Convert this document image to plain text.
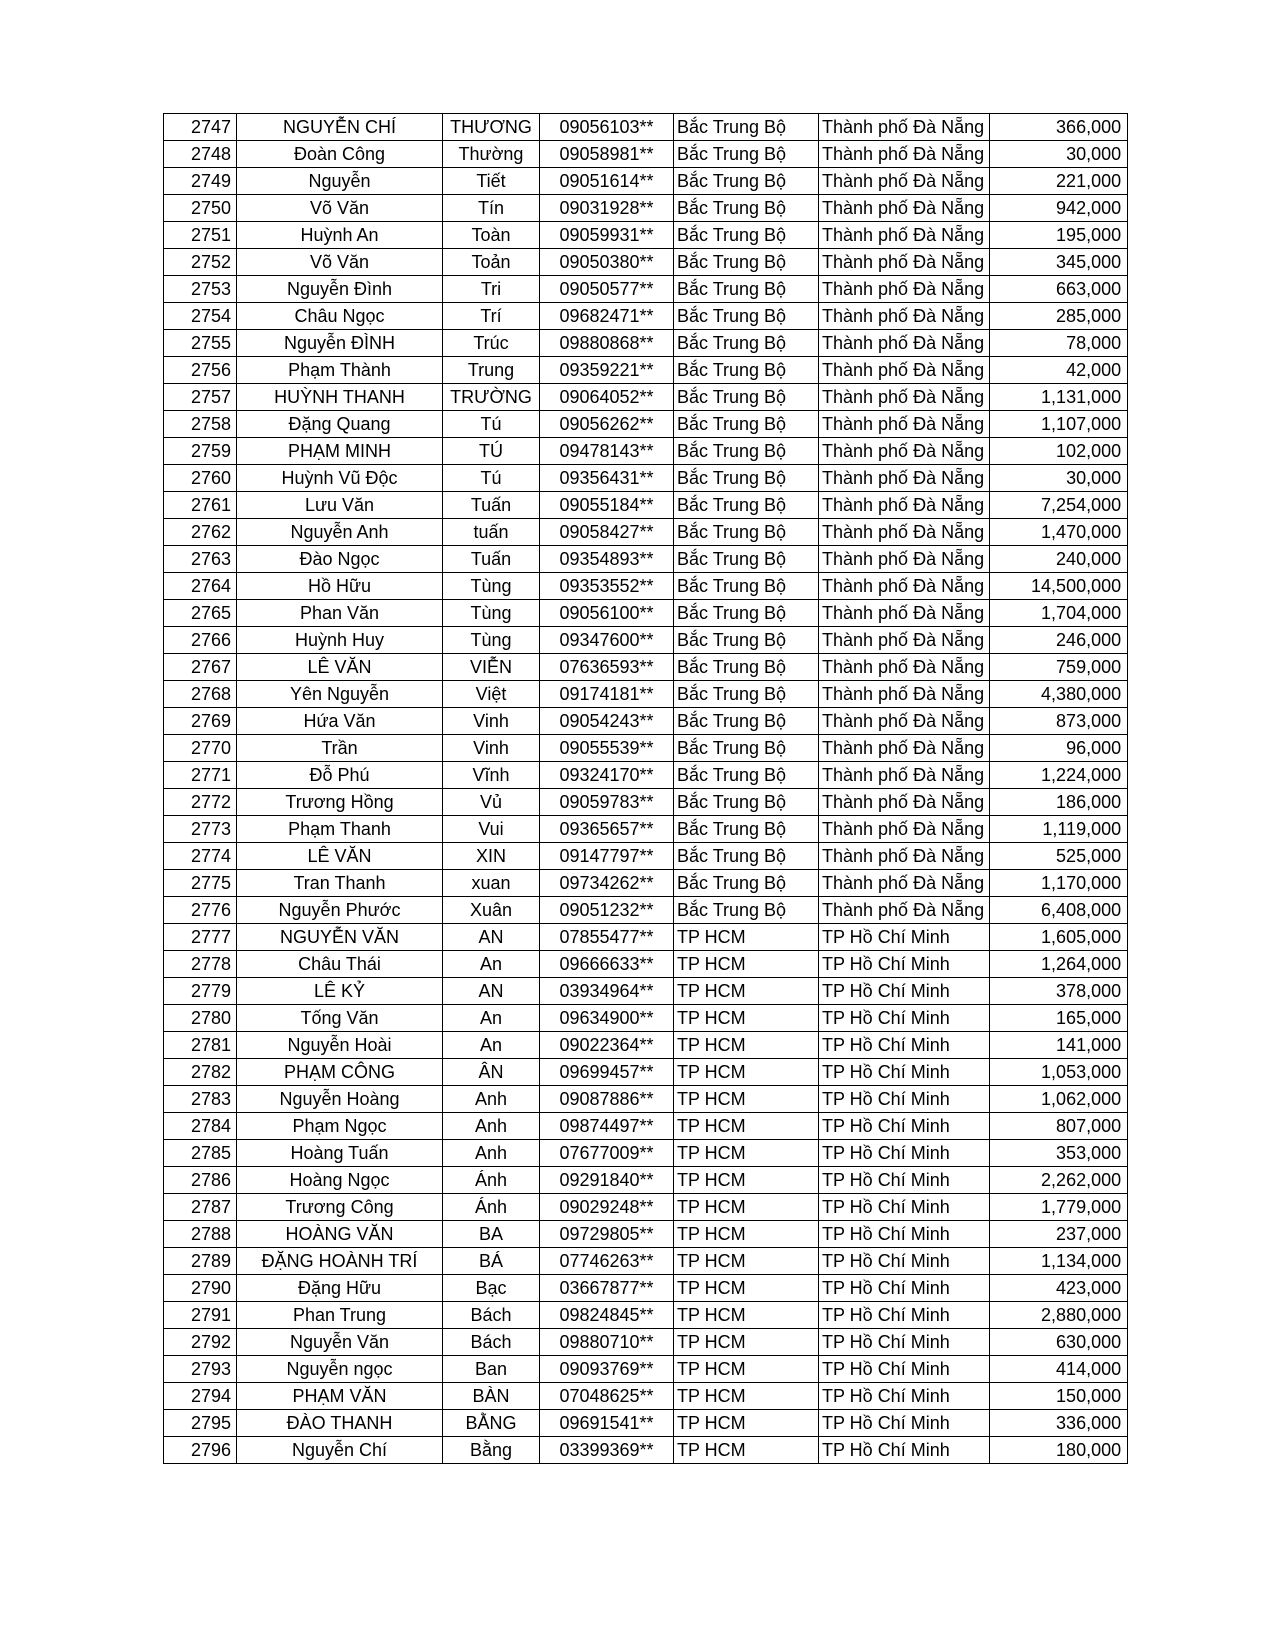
2747	NGUYỄN CHÍ	THƯƠNG	09056103**	Bắc Trung Bộ	Thành phố Đà Nẵng	366,000
2748	Đoàn Công	Thường	09058981**	Bắc Trung Bộ	Thành phố Đà Nẵng	30,000
2749	Nguyễn	Tiết	09051614**	Bắc Trung Bộ	Thành phố Đà Nẵng	221,000
2750	Võ Văn	Tín	09031928**	Bắc Trung Bộ	Thành phố Đà Nẵng	942,000
2751	Huỳnh An	Toàn	09059931**	Bắc Trung Bộ	Thành phố Đà Nẵng	195,000
2752	Võ Văn	Toản	09050380**	Bắc Trung Bộ	Thành phố Đà Nẵng	345,000
2753	Nguyễn Đình	Tri	09050577**	Bắc Trung Bộ	Thành phố Đà Nẵng	663,000
2754	Châu Ngọc	Trí	09682471**	Bắc Trung Bộ	Thành phố Đà Nẵng	285,000
2755	Nguyễn ĐÌNH	Trúc	09880868**	Bắc Trung Bộ	Thành phố Đà Nẵng	78,000
2756	Phạm Thành	Trung	09359221**	Bắc Trung Bộ	Thành phố Đà Nẵng	42,000
2757	HUỲNH THANH	TRƯỜNG	09064052**	Bắc Trung Bộ	Thành phố Đà Nẵng	1,131,000
2758	Đặng Quang	Tú	09056262**	Bắc Trung Bộ	Thành phố Đà Nẵng	1,107,000
2759	PHẠM MINH	TÚ	09478143**	Bắc Trung Bộ	Thành phố Đà Nẵng	102,000
2760	Huỳnh Vũ Độc	Tú	09356431**	Bắc Trung Bộ	Thành phố Đà Nẵng	30,000
2761	Lưu Văn	Tuấn	09055184**	Bắc Trung Bộ	Thành phố Đà Nẵng	7,254,000
2762	Nguyễn Anh	tuấn	09058427**	Bắc Trung Bộ	Thành phố Đà Nẵng	1,470,000
2763	Đào Ngọc	Tuấn	09354893**	Bắc Trung Bộ	Thành phố Đà Nẵng	240,000
2764	Hồ Hữu	Tùng	09353552**	Bắc Trung Bộ	Thành phố Đà Nẵng	14,500,000
2765	Phan Văn	Tùng	09056100**	Bắc Trung Bộ	Thành phố Đà Nẵng	1,704,000
2766	Huỳnh Huy	Tùng	09347600**	Bắc Trung Bộ	Thành phố Đà Nẵng	246,000
2767	LÊ VĂN	VIỄN	07636593**	Bắc Trung Bộ	Thành phố Đà Nẵng	759,000
2768	Yên Nguyễn	Việt	09174181**	Bắc Trung Bộ	Thành phố Đà Nẵng	4,380,000
2769	Hứa Văn	Vinh	09054243**	Bắc Trung Bộ	Thành phố Đà Nẵng	873,000
2770	Trần	Vinh	09055539**	Bắc Trung Bộ	Thành phố Đà Nẵng	96,000
2771	Đỗ Phú	Vĩnh	09324170**	Bắc Trung Bộ	Thành phố Đà Nẵng	1,224,000
2772	Trương Hồng	Vủ	09059783**	Bắc Trung Bộ	Thành phố Đà Nẵng	186,000
2773	Phạm Thanh	Vui	09365657**	Bắc Trung Bộ	Thành phố Đà Nẵng	1,119,000
2774	LÊ VĂN	XIN	09147797**	Bắc Trung Bộ	Thành phố Đà Nẵng	525,000
2775	Tran Thanh	xuan	09734262**	Bắc Trung Bộ	Thành phố Đà Nẵng	1,170,000
2776	Nguyễn Phước	Xuân	09051232**	Bắc Trung Bộ	Thành phố Đà Nẵng	6,408,000
2777	NGUYỄN VĂN	AN	07855477**	TP HCM	TP Hồ Chí Minh	1,605,000
2778	Châu Thái	An	09666633**	TP HCM	TP Hồ Chí Minh	1,264,000
2779	LÊ KỶ	AN	03934964**	TP HCM	TP Hồ Chí Minh	378,000
2780	Tống Văn	An	09634900**	TP HCM	TP Hồ Chí Minh	165,000
2781	Nguyễn Hoài	An	09022364**	TP HCM	TP Hồ Chí Minh	141,000
2782	PHẠM CÔNG	ÂN	09699457**	TP HCM	TP Hồ Chí Minh	1,053,000
2783	Nguyễn Hoàng	Anh	09087886**	TP HCM	TP Hồ Chí Minh	1,062,000
2784	Phạm Ngọc	Anh	09874497**	TP HCM	TP Hồ Chí Minh	807,000
2785	Hoàng Tuấn	Anh	07677009**	TP HCM	TP Hồ Chí Minh	353,000
2786	Hoàng Ngọc	Ánh	09291840**	TP HCM	TP Hồ Chí Minh	2,262,000
2787	Trương Công	Ánh	09029248**	TP HCM	TP Hồ Chí Minh	1,779,000
2788	HOÀNG VĂN	BA	09729805**	TP HCM	TP Hồ Chí Minh	237,000
2789	ĐẶNG HOÀNH TRÍ	BÁ	07746263**	TP HCM	TP Hồ Chí Minh	1,134,000
2790	Đặng Hữu	Bạc	03667877**	TP HCM	TP Hồ Chí Minh	423,000
2791	Phan Trung	Bách	09824845**	TP HCM	TP Hồ Chí Minh	2,880,000
2792	Nguyễn Văn	Bách	09880710**	TP HCM	TP Hồ Chí Minh	630,000
2793	Nguyễn ngọc	Ban	09093769**	TP HCM	TP Hồ Chí Minh	414,000
2794	PHẠM VĂN	BÀN	07048625**	TP HCM	TP Hồ Chí Minh	150,000
2795	ĐÀO THANH	BẰNG	09691541**	TP HCM	TP Hồ Chí Minh	336,000
2796	Nguyễn Chí	Bằng	03399369**	TP HCM	TP Hồ Chí Minh	180,000
